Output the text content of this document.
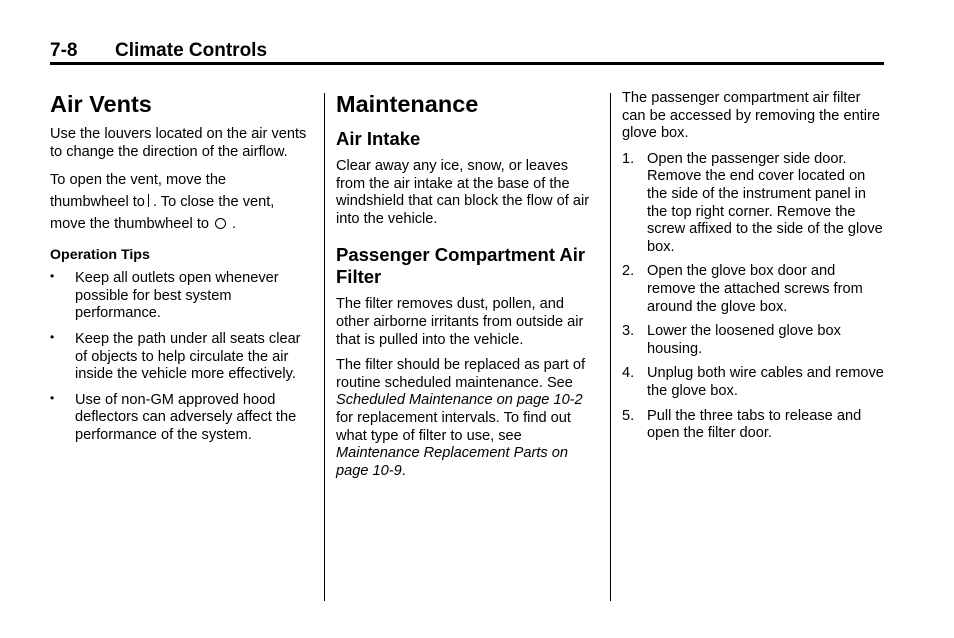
7-8 Climate Controls
Air Vents

Use the louvers located on the air vents to change the direction of the airflow.

To open the vent, move the
thumbwheel to . To close the vent,
move the thumbwheel to .

Operation Tips
• Keep all outlets open whenever possible for best system performance.
• Keep the path under all seats clear of objects to help circulate the air inside the vehicle more effectively.
• Use of non-GM approved hood deflectors can adversely affect the performance of the system.
Maintenance
Air Intake

Clear away any ice, snow, or leaves from the air intake at the base of the windshield that can block the flow of air into the vehicle.

Passenger Compartment Air Filter

The filter removes dust, pollen, and other airborne irritants from outside air that is pulled into the vehicle.

The filter should be replaced as part of routine scheduled maintenance. See Scheduled Maintenance on page 10-2 for replacement intervals. To find out what type of filter to use, see Maintenance Replacement Parts on page 10-9.

The passenger compartment air filter can be accessed by removing the entire glove box.

1. Open the passenger side door. Remove the end cover located on the side of the instrument panel in the top right corner. Remove the screw affixed to the side of the glove box.
2. Open the glove box door and remove the attached screws from around the glove box.
3. Lower the loosened glove box housing.
4. Unplug both wire cables and remove the glove box.
5. Pull the three tabs to release and open the filter door.
